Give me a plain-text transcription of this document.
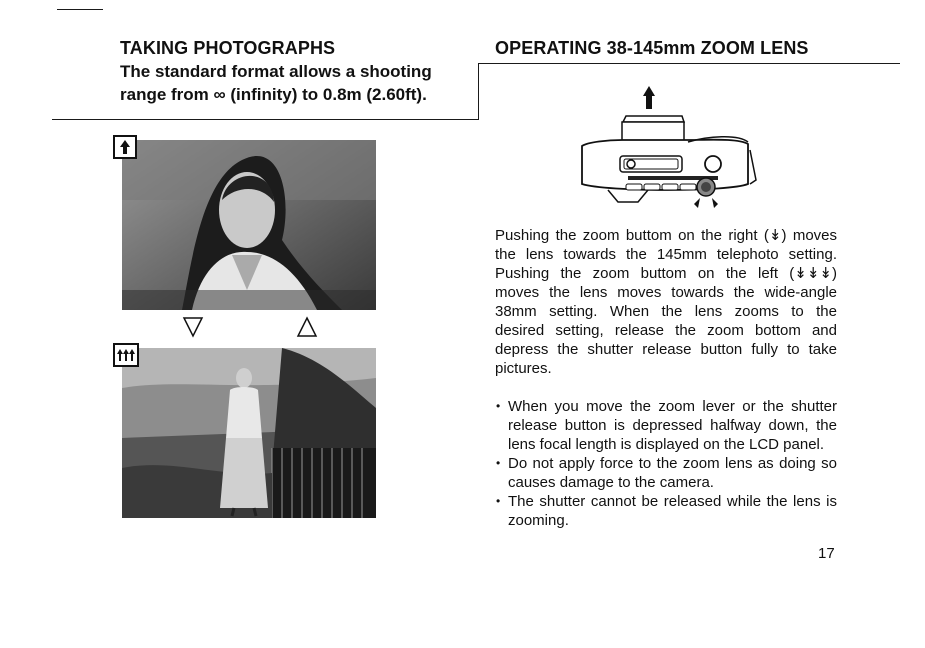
TAKING PHOTOGRAPHS
The standard format allows a shooting
range from ∞ (infinity) to 0.8m (2.60ft).
OPERATING 38-145mm ZOOM LENS
Pushing the zoom buttom on the right (↡) moves
the lens towards the 145mm telephoto setting.
Pushing the zoom buttom on the left (↡↡↡)
moves the lens moves towards the wide-angle
38mm setting. When the lens zooms to the
desired setting, release the zoom bottom and
depress the shutter release button fully to take
pictures.
• When you move the zoom lever or the shutter release button is depressed halfway down, the lens focal length is displayed on the LCD panel.
• Do not apply force to the zoom lens as doing so causes damage to the camera.
• The shutter cannot be released while the lens is zooming.
17
